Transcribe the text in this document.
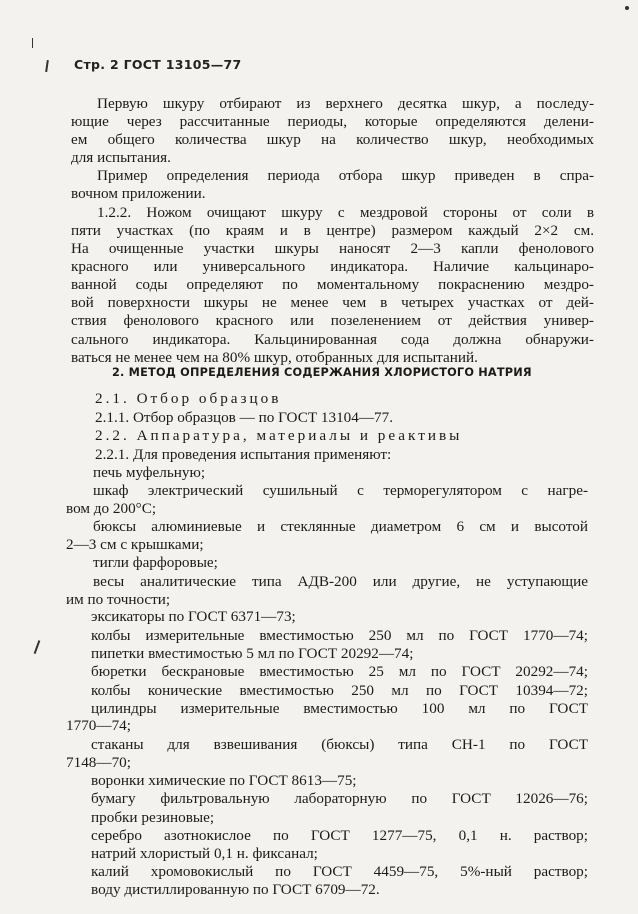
Стр. 2 ГОСТ 13105—77
2. МЕТОД ОПРЕДЕЛЕНИЯ СОДЕРЖАНИЯ ХЛОРИСТОГО НАТРИЯ
Первую шкуру отбирают из верхнего десятка шкур, а последу-
ющие через рассчитанные периоды, которые определяются делени-
ем общего количества шкур на количество шкур, необходимых
для испытания.
Пример определения периода отбора шкур приведен в спра-
вочном приложении.
1.2.2. Ножом очищают шкуру с мездровой стороны от соли в
пяти участках (по краям и в центре) размером каждый 2×2 см.
На очищенные участки шкуры наносят 2—3 капли фенолового
красного или универсального индикатора. Наличие кальцинаро-
ванной соды определяют по моментальному покраснению мездро-
вой поверхности шкуры не менее чем в четырех участках от дей-
ствия фенолового красного или позеленением от действия универ-
сального индикатора. Кальцинированная сода должна обнаружи-
ваться не менее чем на 80% шкур, отобранных для испытаний.
2.1. Отбор образцов
2.1.1. Отбор образцов — по ГОСТ 13104—77.
2.2. Аппаратура, материалы и реактивы
2.2.1. Для проведения испытания применяют:
печь муфельную;
шкаф электрический сушильный с терморегулятором с нагре-
вом до 200°С;
бюксы алюминиевые и стеклянные диаметром 6 см и высотой
2—3 см с крышками;
тигли фарфоровые;
весы аналитические типа АДВ-200 или другие, не уступающие
им по точности;
эксикаторы по ГОСТ 6371—73;
колбы измерительные вместимостью 250 мл по ГОСТ 1770—74;
пипетки вместимостью 5 мл по ГОСТ 20292—74;
бюретки бескрановые вместимостью 25 мл по ГОСТ 20292—74;
колбы конические вместимостью 250 мл по ГОСТ 10394—72;
цилиндры измерительные вместимостью 100 мл по ГОСТ
1770—74;
стаканы для взвешивания (бюксы) типа СН-1 по ГОСТ
7148—70;
воронки химические по ГОСТ 8613—75;
бумагу фильтровальную лабораторную по ГОСТ 12026—76;
пробки резиновые;
серебро азотнокислое по ГОСТ 1277—75, 0,1 н. раствор;
натрий хлористый 0,1 н. фиксанал;
калий хромовокислый по ГОСТ 4459—75, 5%-ный раствор;
воду дистиллированную по ГОСТ 6709—72.
